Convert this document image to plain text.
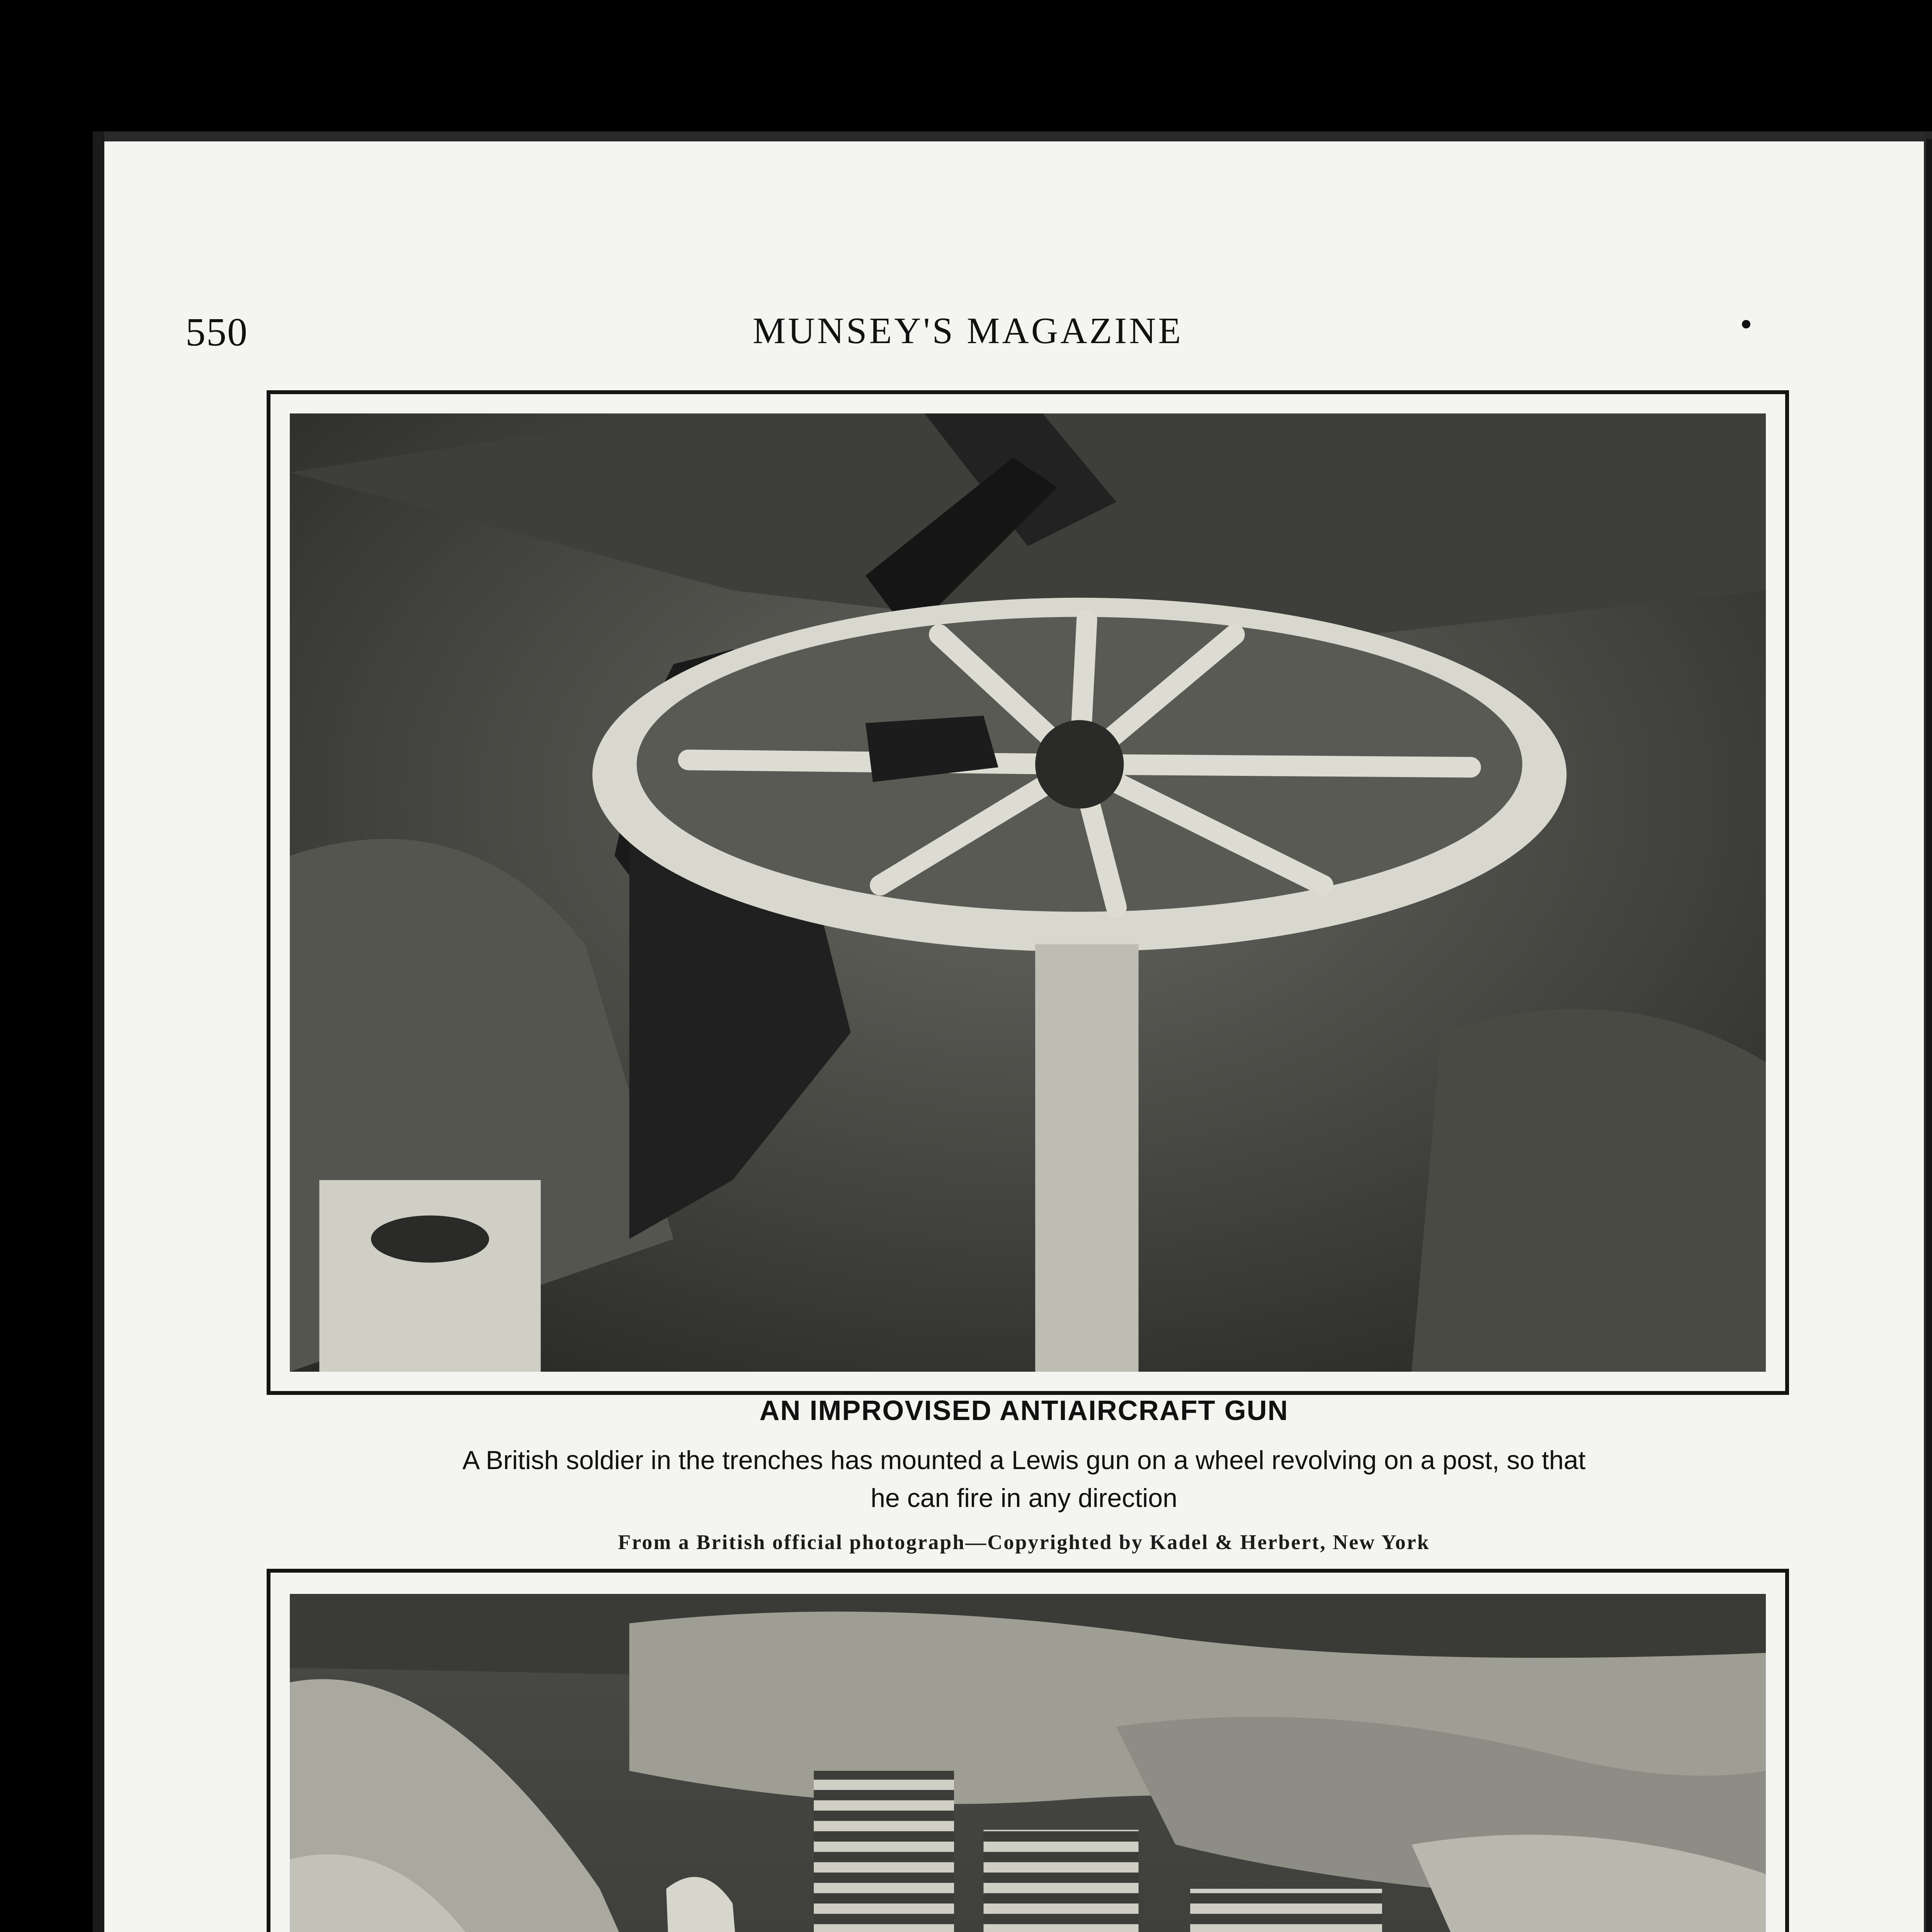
550	MUNSEY'S MAGAZINE
AN IMPROVISED ANTIAIRCRAFT GUN
A British soldier in the trenches has mounted a Lewis gun on a wheel revolving on a post, so that
he can fire in any direction
From a British official photograph—Copyrighted by Kadel & Herbert, New York
